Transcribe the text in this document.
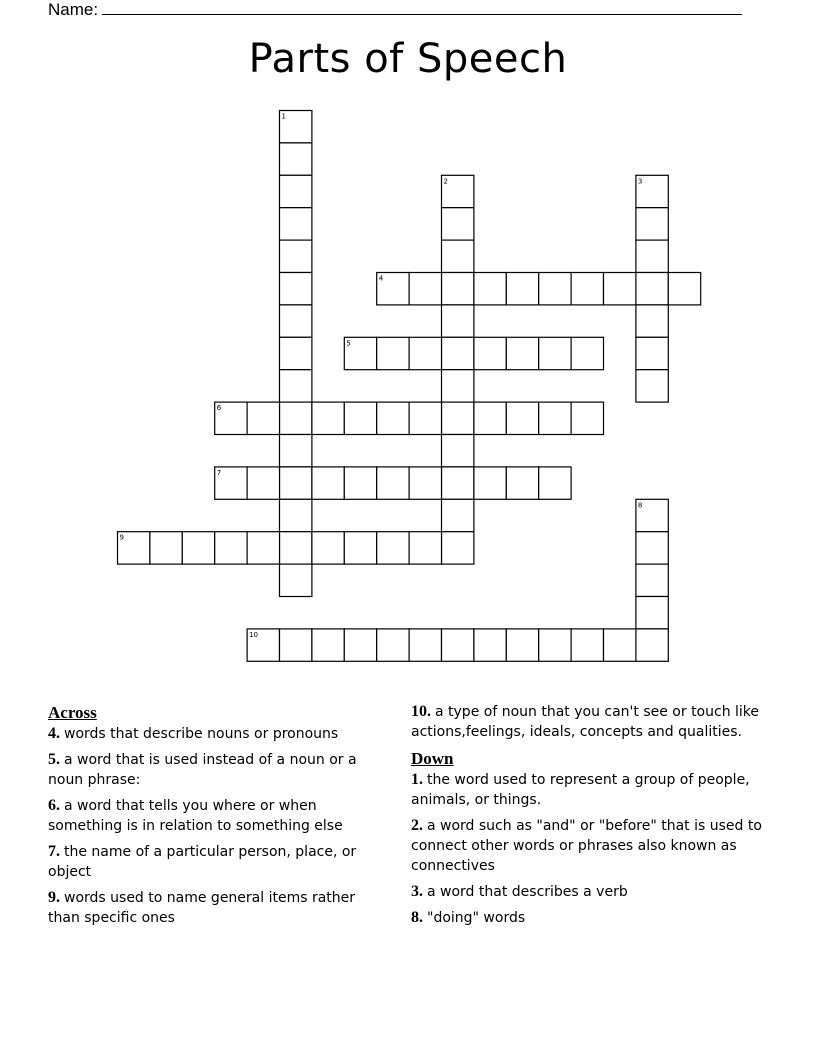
Name:
Parts of Speech
1
2	3
4
5
6
7
8
9
10
Across
4. words that describe nouns or pronouns
5. a word that is used instead of a noun or a noun phrase:
6. a word that tells you where or when something is in relation to something else
7. the name of a particular person, place, or object
9. words used to name general items rather than specific ones
10. a type of noun that you can't see or touch like actions,feelings, ideals, concepts and qualities.
Down
1. the word used to represent a group of people, animals, or things.
2. a word such as "and" or "before" that is used to connect other words or phrases also known as connectives
3. a word that describes a verb
8. "doing" words
